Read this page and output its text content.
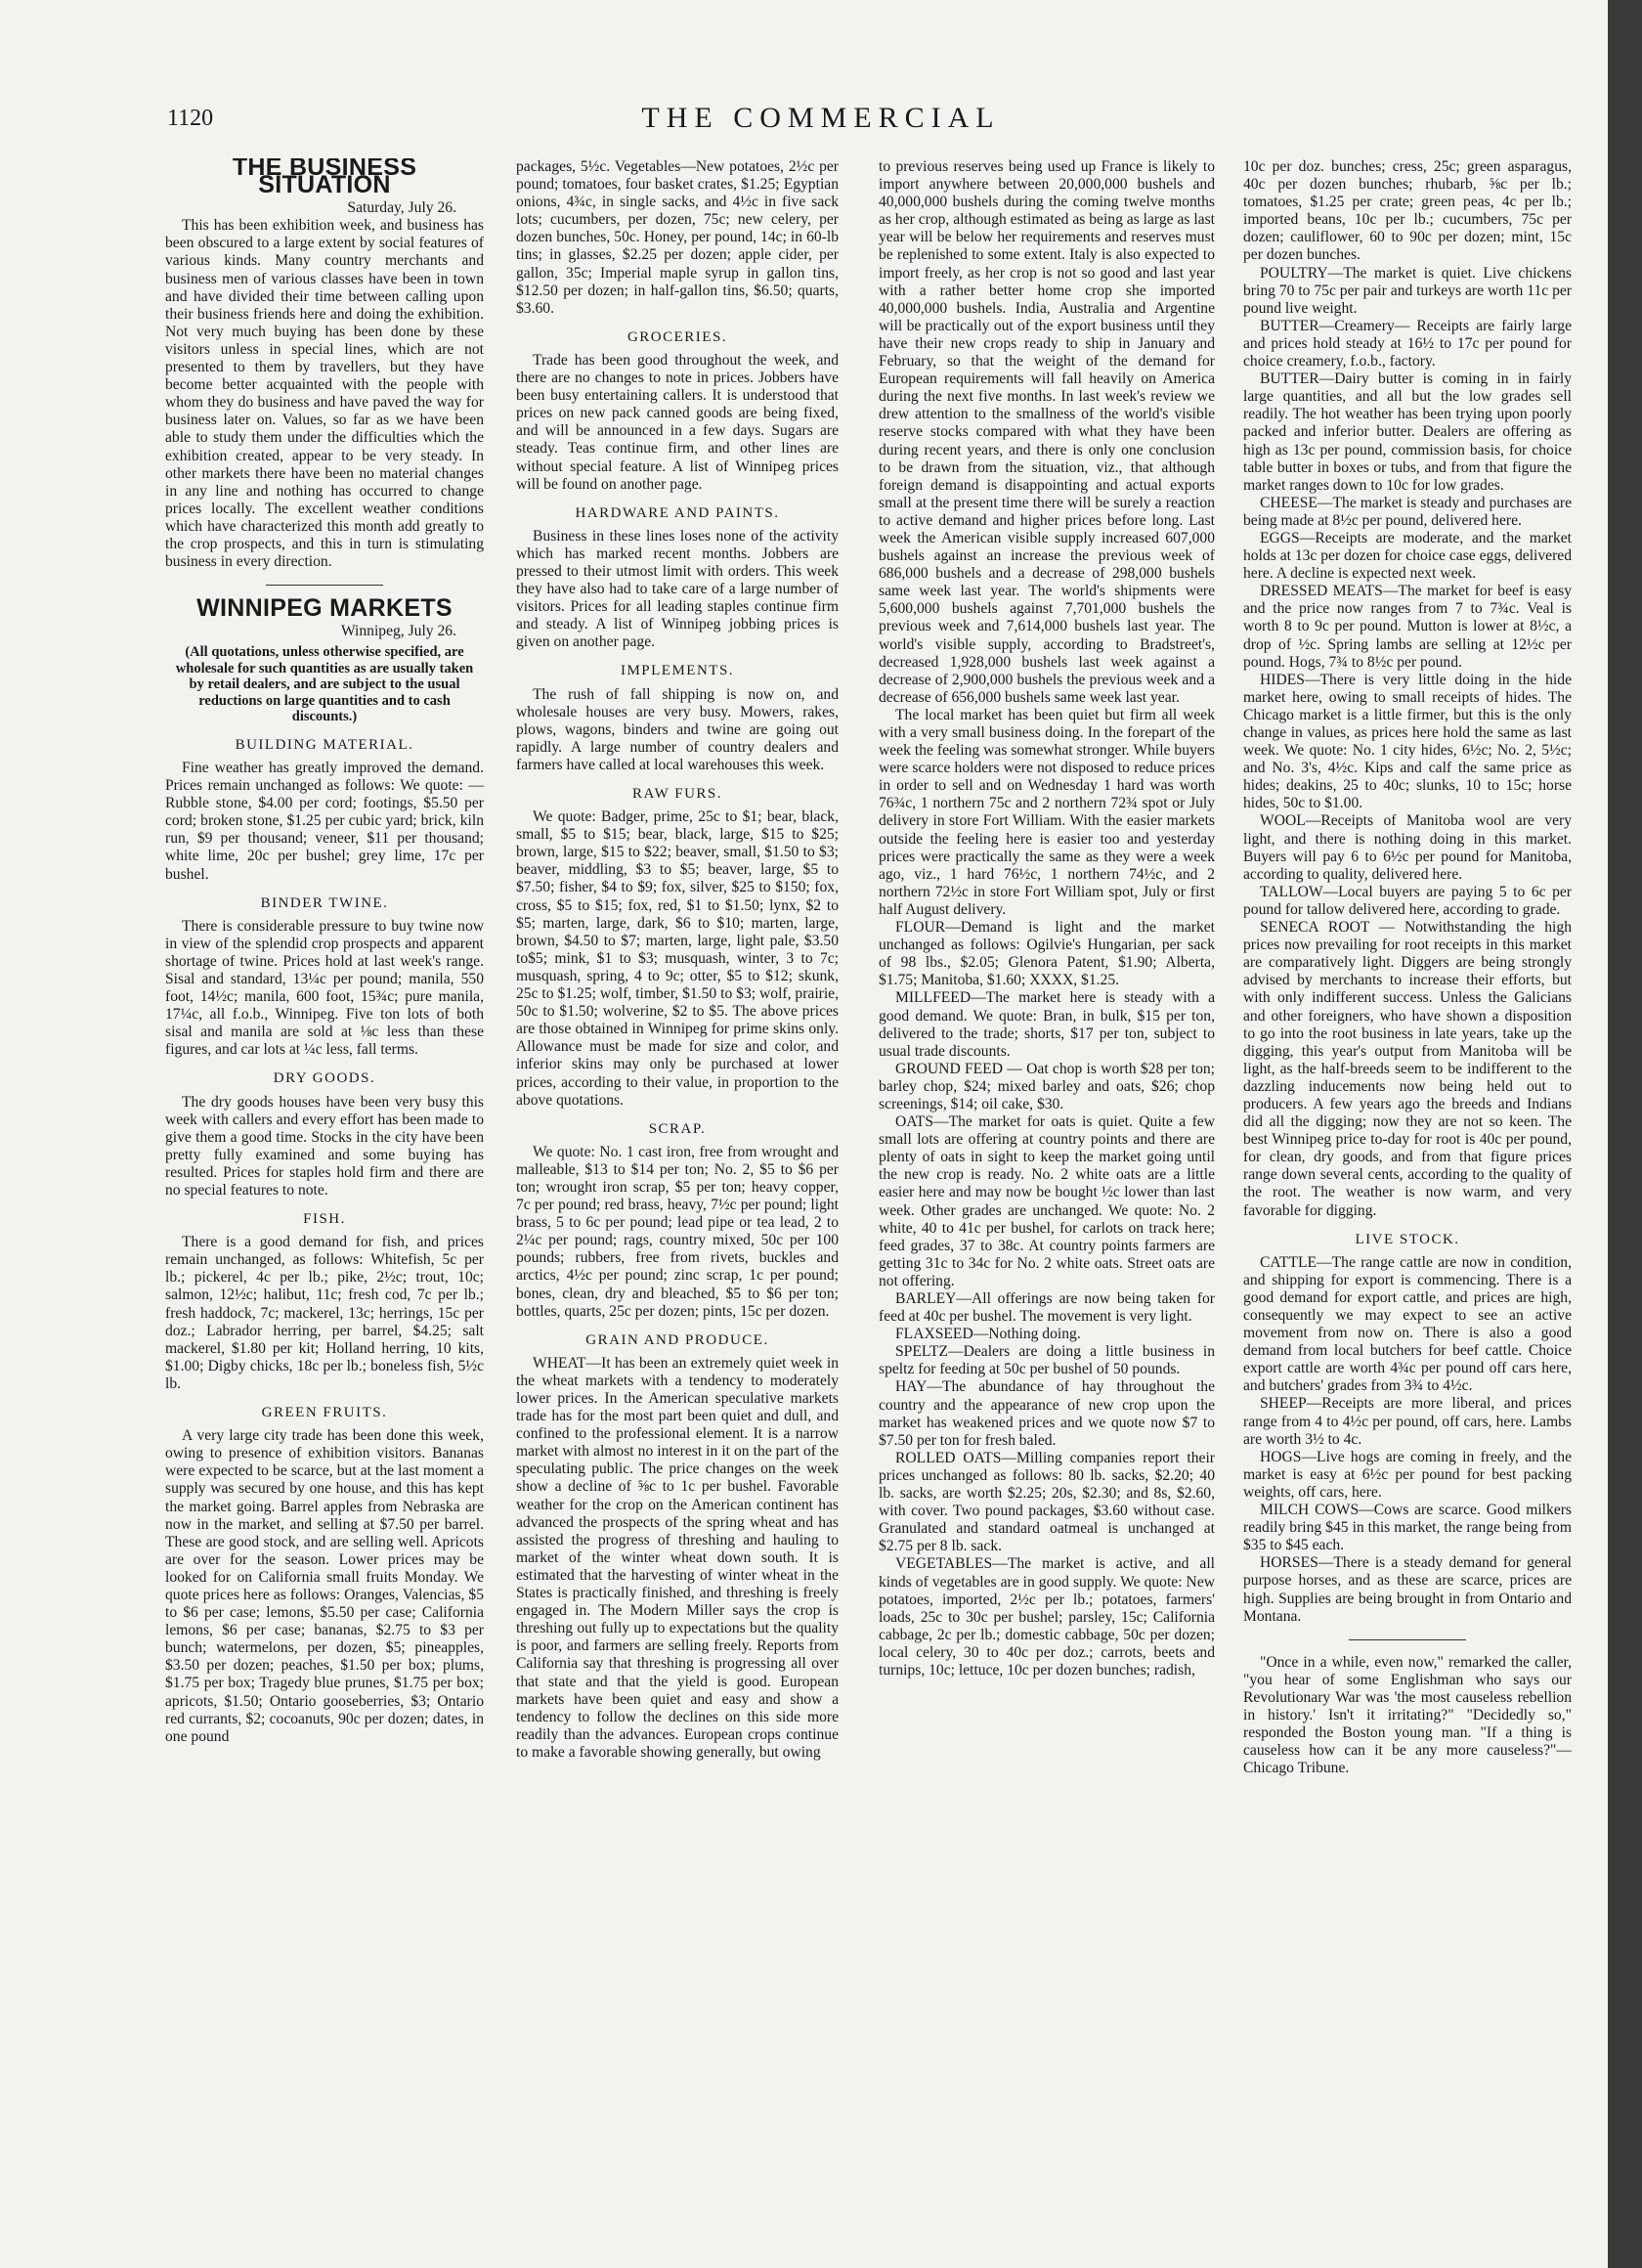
1120	THE COMMERCIAL
THE BUSINESS SITUATION

Saturday, July 26.

This has been exhibition week, and business has been obscured to a large extent by social features of various kinds. Many country merchants and business men of various classes have been in town and have divided their time between calling upon their business friends here and doing the exhibition. Not very much buying has been done by these visitors unless in special lines, which are not presented to them by travellers, but they have become better acquainted with the people with whom they do business and have paved the way for business later on. Values, so far as we have been able to study them under the difficulties which the exhibition created, appear to be very steady. In other markets there have been no material changes in any line and nothing has occurred to change prices locally. The excellent weather conditions which have characterized this month add greatly to the crop prospects, and this in turn is stimulating business in every direction.

WINNIPEG MARKETS

Winnipeg, July 26.

(All quotations, unless otherwise specified, are wholesale for such quantities as are usually taken by retail dealers, and are subject to the usual reductions on large quantities and to cash discounts.)
BUILDING MATERIAL.

Fine weather has greatly improved the demand. Prices remain unchanged as follows: We quote: —Rubble stone, $4.00 per cord; footings, $5.50 per cord; broken stone, $1.25 per cubic yard; brick, kiln run, $9 per thousand; veneer, $11 per thousand; white lime, 20c per bushel; grey lime, 17c per bushel.

BINDER TWINE.

There is considerable pressure to buy twine now in view of the splendid crop prospects and apparent shortage of twine. Prices hold at last week's range. Sisal and standard, 13¼c per pound; manila, 550 foot, 14½c; manila, 600 foot, 15¾c; pure manila, 17¼c, all f.o.b., Winnipeg. Five ton lots of both sisal and manila are sold at ⅛c less than these figures, and car lots at ¼c less, fall terms.

DRY GOODS.

The dry goods houses have been very busy this week with callers and every effort has been made to give them a good time. Stocks in the city have been pretty fully examined and some buying has resulted. Prices for staples hold firm and there are no special features to note.

FISH.

There is a good demand for fish, and prices remain unchanged, as follows: Whitefish, 5c per lb.; pickerel, 4c per lb.; pike, 2½c; trout, 10c; salmon, 12½c; halibut, 11c; fresh cod, 7c per lb.; fresh haddock, 7c; mackerel, 13c; herrings, 15c per doz.; Labrador herring, per barrel, $4.25; salt mackerel, $1.80 per kit; Holland herring, 10 kits, $1.00; Digby chicks, 18c per lb.; boneless fish, 5½c lb.

GREEN FRUITS.

A very large city trade has been done this week, owing to presence of exhibition visitors. Bananas were expected to be scarce, but at the last moment a supply was secured by one house, and this has kept the market going. Barrel apples from Nebraska are now in the market, and selling at $7.50 per barrel. These are good stock, and are selling well. Apricots are over for the season. Lower prices may be looked for on California small fruits Monday. We quote prices here as follows: Oranges, Valencias, $5 to $6 per case; lemons, $5.50 per case; California lemons, $6 per case; bananas, $2.75 to $3 per bunch; watermelons, per dozen, $5; pineapples, $3.50 per dozen; peaches, $1.50 per box; plums, $1.75 per box; Tragedy blue prunes, $1.75 per box; apricots, $1.50; Ontario gooseberries, $3; Ontario red currants, $2; cocoanuts, 90c per dozen; dates, in one pound

packages, 5½c. Vegetables—New potatoes, 2½c per pound; tomatoes, four basket crates, $1.25; Egyptian onions, 4¾c, in single sacks, and 4½c in five sack lots; cucumbers, per dozen, 75c; new celery, per dozen bunches, 50c. Honey, per pound, 14c; in 60-lb tins; in glasses, $2.25 per dozen; apple cider, per gallon, 35c; Imperial maple syrup in gallon tins, $12.50 per dozen; in half-gallon tins, $6.50; quarts, $3.60.

GROCERIES.

Trade has been good throughout the week, and there are no changes to note in prices. Jobbers have been busy entertaining callers. It is understood that prices on new pack canned goods are being fixed, and will be announced in a few days. Sugars are steady. Teas continue firm, and other lines are without special feature. A list of Winnipeg prices will be found on another page.

HARDWARE AND PAINTS.

Business in these lines loses none of the activity which has marked recent months. Jobbers are pressed to their utmost limit with orders. This week they have also had to take care of a large number of visitors. Prices for all leading staples continue firm and steady. A list of Winnipeg jobbing prices is given on another page.

IMPLEMENTS.

The rush of fall shipping is now on, and wholesale houses are very busy. Mowers, rakes, plows, wagons, binders and twine are going out rapidly. A large number of country dealers and farmers have called at local warehouses this week.

RAW FURS.

We quote: Badger, prime, 25c to $1; bear, black, small, $5 to $15; bear, black, large, $15 to $25; brown, large, $15 to $22; beaver, small, $1.50 to $3; beaver, middling, $3 to $5; beaver, large, $5 to $7.50; fisher, $4 to $9; fox, silver, $25 to $150; fox, cross, $5 to $15; fox, red, $1 to $1.50; lynx, $2 to $5; marten, large, dark, $6 to $10; marten, large, brown, $4.50 to $7; marten, large, light pale, $3.50 to$5; mink, $1 to $3; musquash, winter, 3 to 7c; musquash, spring, 4 to 9c; otter, $5 to $12; skunk, 25c to $1.25; wolf, timber, $1.50 to $3; wolf, prairie, 50c to $1.50; wolverine, $2 to $5. The above prices are those obtained in Winnipeg for prime skins only. Allowance must be made for size and color, and inferior skins may only be purchased at lower prices, according to their value, in proportion to the above quotations.

SCRAP.

We quote: No. 1 cast iron, free from wrought and malleable, $13 to $14 per ton; No. 2, $5 to $6 per ton; wrought iron scrap, $5 per ton; heavy copper, 7c per pound; red brass, heavy, 7½c per pound; light brass, 5 to 6c per pound; lead pipe or tea lead, 2 to 2¼c per pound; rags, country mixed, 50c per 100 pounds; rubbers, free from rivets, buckles and arctics, 4½c per pound; zinc scrap, 1c per pound; bones, clean, dry and bleached, $5 to $6 per ton; bottles, quarts, 25c per dozen; pints, 15c per dozen.

GRAIN AND PRODUCE.

WHEAT—It has been an extremely quiet week in the wheat markets with a tendency to moderately lower prices. In the American speculative markets trade has for the most part been quiet and dull, and confined to the professional element. It is a narrow market with almost no interest in it on the part of the speculating public. The price changes on the week show a decline of ⅝c to 1c per bushel. Favorable weather for the crop on the American continent has advanced the prospects of the spring wheat and has assisted the progress of threshing and hauling to market of the winter wheat down south. It is estimated that the harvesting of winter wheat in the States is practically finished, and threshing is freely engaged in. The Modern Miller says the crop is threshing out fully up to expectations but the quality is poor, and farmers are selling freely. Reports from California say that threshing is progressing all over that state and that the yield is good. European markets have been quiet and easy and show a tendency to follow the declines on this side more readily than the advances. European crops continue to make a favorable showing generally, but owing

to previous reserves being used up France is likely to import anywhere between 20,000,000 bushels and 40,000,000 bushels during the coming twelve months as her crop, although estimated as being as large as last year will be below her requirements and reserves must be replenished to some extent. Italy is also expected to import freely, as her crop is not so good and last year with a rather better home crop she imported 40,000,000 bushels. India, Australia and Argentine will be practically out of the export business until they have their new crops ready to ship in January and February, so that the weight of the demand for European requirements will fall heavily on America during the next five months. In last week's review we drew attention to the smallness of the world's visible reserve stocks compared with what they have been during recent years, and there is only one conclusion to be drawn from the situation, viz., that although foreign demand is disappointing and actual exports small at the present time there will be surely a reaction to active demand and higher prices before long. Last week the American visible supply increased 607,000 bushels against an increase the previous week of 686,000 bushels and a decrease of 298,000 bushels same week last year. The world's shipments were 5,600,000 bushels against 7,701,000 bushels the previous week and 7,614,000 bushels last year. The world's visible supply, according to Bradstreet's, decreased 1,928,000 bushels last week against a decrease of 2,900,000 bushels the previous week and a decrease of 656,000 bushels same week last year.

The local market has been quiet but firm all week with a very small business doing. In the forepart of the week the feeling was somewhat stronger. While buyers were scarce holders were not disposed to reduce prices in order to sell and on Wednesday 1 hard was worth 76¾c, 1 northern 75c and 2 northern 72¾ spot or July delivery in store Fort William. With the easier markets outside the feeling here is easier too and yesterday prices were practically the same as they were a week ago, viz., 1 hard 76½c, 1 northern 74½c, and 2 northern 72½c in store Fort William spot, July or first half August delivery.

FLOUR—Demand is light and the market unchanged as follows: Ogilvie's Hungarian, per sack of 98 lbs., $2.05; Glenora Patent, $1.90; Alberta, $1.75; Manitoba, $1.60; XXXX, $1.25.

MILLFEED—The market here is steady with a good demand. We quote: Bran, in bulk, $15 per ton, delivered to the trade; shorts, $17 per ton, subject to usual trade discounts.

GROUND FEED — Oat chop is worth $28 per ton; barley chop, $24; mixed barley and oats, $26; chop screenings, $14; oil cake, $30.

OATS—The market for oats is quiet. Quite a few small lots are offering at country points and there are plenty of oats in sight to keep the market going until the new crop is ready. No. 2 white oats are a little easier here and may now be bought ½c lower than last week. Other grades are unchanged. We quote: No. 2 white, 40 to 41c per bushel, for carlots on track here; feed grades, 37 to 38c. At country points farmers are getting 31c to 34c for No. 2 white oats. Street oats are not offering.

BARLEY—All offerings are now being taken for feed at 40c per bushel. The movement is very light.

FLAXSEED—Nothing doing.

SPELTZ—Dealers are doing a little business in speltz for feeding at 50c per bushel of 50 pounds.

HAY—The abundance of hay throughout the country and the appearance of new crop upon the market has weakened prices and we quote now $7 to $7.50 per ton for fresh baled.

ROLLED OATS—Milling companies report their prices unchanged as follows: 80 lb. sacks, $2.20; 40 lb. sacks, are worth $2.25; 20s, $2.30; and 8s, $2.60, with cover. Two pound packages, $3.60 without case. Granulated and standard oatmeal is unchanged at $2.75 per 8 lb. sack.

VEGETABLES—The market is active, and all kinds of vegetables are in good supply. We quote: New potatoes, imported, 2½c per lb.; potatoes, farmers' loads, 25c to 30c per bushel; parsley, 15c; California cabbage, 2c per lb.; domestic cabbage, 50c per dozen; local celery, 30 to 40c per doz.; carrots, beets and turnips, 10c; lettuce, 10c per dozen bunches; radish,

10c per doz. bunches; cress, 25c; green asparagus, 40c per dozen bunches; rhubarb, ⅝c per lb.; tomatoes, $1.25 per crate; green peas, 4c per lb.; imported beans, 10c per lb.; cucumbers, 75c per dozen; cauliflower, 60 to 90c per dozen; mint, 15c per dozen bunches.

POULTRY—The market is quiet. Live chickens bring 70 to 75c per pair and turkeys are worth 11c per pound live weight.

BUTTER—Creamery— Receipts are fairly large and prices hold steady at 16½ to 17c per pound for choice creamery, f.o.b., factory.

BUTTER—Dairy butter is coming in in fairly large quantities, and all but the low grades sell readily. The hot weather has been trying upon poorly packed and inferior butter. Dealers are offering as high as 13c per pound, commission basis, for choice table butter in boxes or tubs, and from that figure the market ranges down to 10c for low grades.

CHEESE—The market is steady and purchases are being made at 8½c per pound, delivered here.

EGGS—Receipts are moderate, and the market holds at 13c per dozen for choice case eggs, delivered here. A decline is expected next week.

DRESSED MEATS—The market for beef is easy and the price now ranges from 7 to 7¾c. Veal is worth 8 to 9c per pound. Mutton is lower at 8½c, a drop of ½c. Spring lambs are selling at 12½c per pound. Hogs, 7¾ to 8½c per pound.

HIDES—There is very little doing in the hide market here, owing to small receipts of hides. The Chicago market is a little firmer, but this is the only change in values, as prices here hold the same as last week. We quote: No. 1 city hides, 6½c; No. 2, 5½c; and No. 3's, 4½c. Kips and calf the same price as hides; deakins, 25 to 40c; slunks, 10 to 15c; horse hides, 50c to $1.00.

WOOL—Receipts of Manitoba wool are very light, and there is nothing doing in this market. Buyers will pay 6 to 6½c per pound for Manitoba, according to quality, delivered here.

TALLOW—Local buyers are paying 5 to 6c per pound for tallow delivered here, according to grade.

SENECA ROOT — Notwithstanding the high prices now prevailing for root receipts in this market are comparatively light. Diggers are being strongly advised by merchants to increase their efforts, but with only indifferent success. Unless the Galicians and other foreigners, who have shown a disposition to go into the root business in late years, take up the digging, this year's output from Manitoba will be light, as the half-breeds seem to be indifferent to the dazzling inducements now being held out to producers. A few years ago the breeds and Indians did all the digging; now they are not so keen. The best Winnipeg price to-day for root is 40c per pound, for clean, dry goods, and from that figure prices range down several cents, according to the quality of the root. The weather is now warm, and very favorable for digging.

LIVE STOCK.

CATTLE—The range cattle are now in condition, and shipping for export is commencing. There is a good demand for export cattle, and prices are high, consequently we may expect to see an active movement from now on. There is also a good demand from local butchers for beef cattle. Choice export cattle are worth 4¾c per pound off cars here, and butchers' grades from 3¾ to 4½c.

SHEEP—Receipts are more liberal, and prices range from 4 to 4½c per pound, off cars, here. Lambs are worth 3½ to 4c.

HOGS—Live hogs are coming in freely, and the market is easy at 6½c per pound for best packing weights, off cars, here.

MILCH COWS—Cows are scarce. Good milkers readily bring $45 in this market, the range being from $35 to $45 each.

HORSES—There is a steady demand for general purpose horses, and as these are scarce, prices are high. Supplies are being brought in from Ontario and Montana.

"Once in a while, even now," remarked the caller, "you hear of some Englishman who says our Revolutionary War was 'the most causeless rebellion in history.' Isn't it irritating?" "Decidedly so," responded the Boston young man. "If a thing is causeless how can it be any more causeless?"—Chicago Tribune.
